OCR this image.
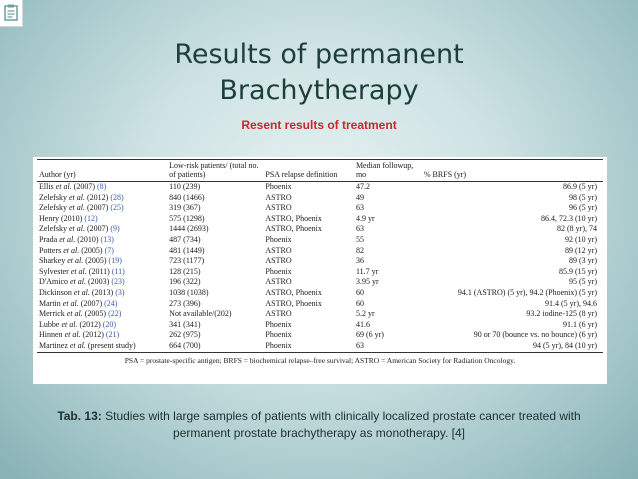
Results of permanent
Brachytherapy
Resent results of treatment
Author (yr)	Low-risk patients/ (total no. of patients)	PSA relapse definition	Median followup, mo	% BRFS (yr)
Ellis et al. (2007) (8)	110 (239)	Phoenix	47.2	86.9 (5 yr)
Zelefsky et al. (2012) (28)	840 (1466)	ASTRO	49	98 (5 yr)
Zelefsky et al. (2007) (25)	319 (367)	ASTRO	63	96 (5 yr)
Henry (2010) (12)	575 (1298)	ASTRO, Phoenix	4.9 yr	86.4, 72.3 (10 yr)
Zelefsky et al. (2007) (9)	1444 (2693)	ASTRO, Phoenix	63	82 (8 yr), 74
Prada et al. (2010) (13)	487 (734)	Phoenix	55	92 (10 yr)
Potters et al. (2005) (7)	481 (1449)	ASTRO	82	89 (12 yr)
Sharkey et al. (2005) (19)	723 (1177)	ASTRO	36	89 (3 yr)
Sylvester et al. (2011) (11)	128 (215)	Phoenix	11.7 yr	85.9 (15 yr)
D'Amico et al. (2003) (23)	196 (322)	ASTRO	3.95 yr	95 (5 yr)
Dickinson et al. (2013) (3)	1038 (1038)	ASTRO, Phoenix	60	94.1 (ASTRO) (5 yr), 94.2 (Phoenix) (5 yr)
Martin et al. (2007) (24)	273 (396)	ASTRO, Phoenix	60	91.4 (5 yr), 94.6
Merrick et al. (2005) (22)	Not available/(202)	ASTRO	5.2 yr	93.2 iodine-125 (8 yr)
Lubbe et al. (2012) (20)	341 (341)	Phoenix	41.6	91.1 (6 yr)
Hinnen et al. (2012) (21)	262 (975)	Phoenix	69 (6 yr)	90 or 70 (bounce vs. no bounce) (6 yr)
Martinez et al. (present study)	664 (700)	Phoenix	63	94 (5 yr), 84 (10 yr)
PSA = prostate-specific antigen; BRFS = biochemical relapse–free survival; ASTRO = American Society for Radiation Oncology.
Tab. 13: Studies with large samples of patients with clinically localized prostate cancer treated with permanent prostate brachytherapy as monotherapy. [4]
46
